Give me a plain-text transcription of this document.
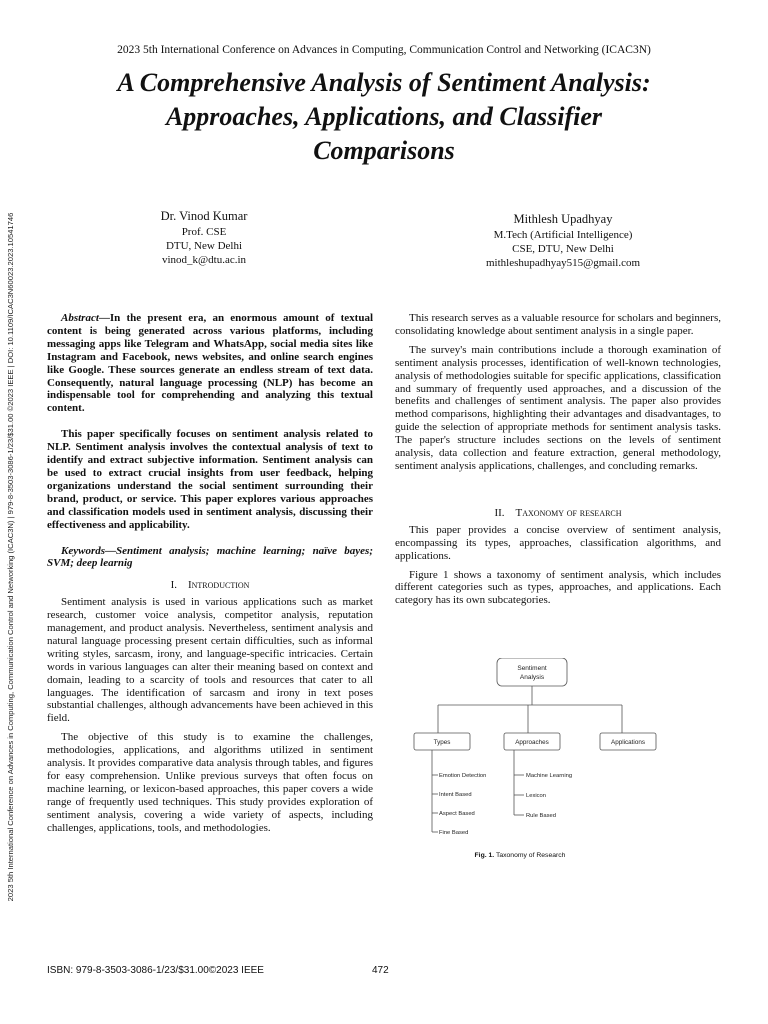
2023 5th International Conference on Advances in Computing, Communication Control and Networking (ICAC3N)
A Comprehensive Analysis of Sentiment Analysis:
Approaches, Applications, and Classifier
Comparisons
Dr. Vinod Kumar
Prof. CSE
DTU, New Delhi
vinod_k@dtu.ac.in
Mithlesh Upadhyay
M.Tech (Artificial Intelligence)
CSE, DTU, New Delhi
mithleshupadhyay515@gmail.com
2023 5th International Conference on Advances in Computing, Communication Control and Networking (ICAC3N) | 979-8-3503-3086-1/23/$31.00 ©2023 IEEE | DOI: 10.1109/ICAC3N60023.2023.10541746	Abstract—In the present era, an enormous amount of textual content is being generated across various platforms, including messaging apps like Telegram and WhatsApp, social media sites like Instagram and Facebook, news websites, and online search engines like Google. These sources generate an endless stream of text data. Consequently, natural language processing (NLP) has become an indispensable tool for comprehending and analyzing this textual content.

This paper specifically focuses on sentiment analysis related to NLP. Sentiment analysis involves the contextual analysis of text to identify and extract subjective information. Sentiment analysis can be used to extract crucial insights from user feedback, helping organizations understand the social sentiment surrounding their brand, product, or service. This paper explores various approaches and classification models used in sentiment analysis, discussing their effectiveness and applicability.

Keywords—Sentiment analysis; machine learning; naïve bayes; SVM; deep learnig

I. Introduction

Sentiment analysis is used in various applications such as market research, customer voice analysis, competitor analysis, reputation management, and product analysis. Nevertheless, sentiment analysis and natural language processing present certain difficulties, such as informal writing styles, sarcasm, irony, and language-specific intricacies. Certain words in various languages can alter their meaning based on context and domain, leading to a scarcity of tools and resources that cater to all languages. The identification of sarcasm and irony in text poses substantial challenges, although advancements have been achieved in this field.

The objective of this study is to examine the challenges, methodologies, applications, and algorithms utilized in sentiment analysis. It provides comparative data analysis through tables, and figures for easy comprehension. Unlike previous surveys that often focus on machine learning, or lexicon-based approaches, this paper covers a wide range of frequently used techniques. This study provides exploration of sentiment analysis, covering a wide variety of aspects, including challenges, applications, tools, and methodologies.

This research serves as a valuable resource for scholars and beginners, consolidating knowledge about sentiment analysis in a single paper.

The survey's main contributions include a thorough examination of sentiment analysis processes, identification of well-known technologies, analysis of methodologies suitable for specific applications, classification and summary of frequently used approaches, and a discussion of the benefits and challenges of sentiment analysis. The paper also provides method comparisons, highlighting their advantages and disadvantages, to guide the selection of appropriate methods for sentiment analysis tasks. The paper's structure includes sections on the levels of sentiment analysis, data collection and feature extraction, general methodology, sentiment analysis applications, challenges, and concluding remarks.

II. Taxonomy of research

This paper provides a concise overview of sentiment analysis, encompassing its types, approaches, classification algorithms, and applications.

Figure 1 shows a taxonomy of sentiment analysis, which includes different categories such as types, approaches, and applications. Each category has its own subcategories.

Sentiment
Analysis
Types	Approaches	Applications
Emotion Detection
Intent Based
Aspect Based
Fine Based
Machine Learning
Lexicon
Rule Based
Fig. 1. Taxonomy of Research
ISBN: 979-8-3503-3086-1/23/$31.00©2023 IEEE	472
